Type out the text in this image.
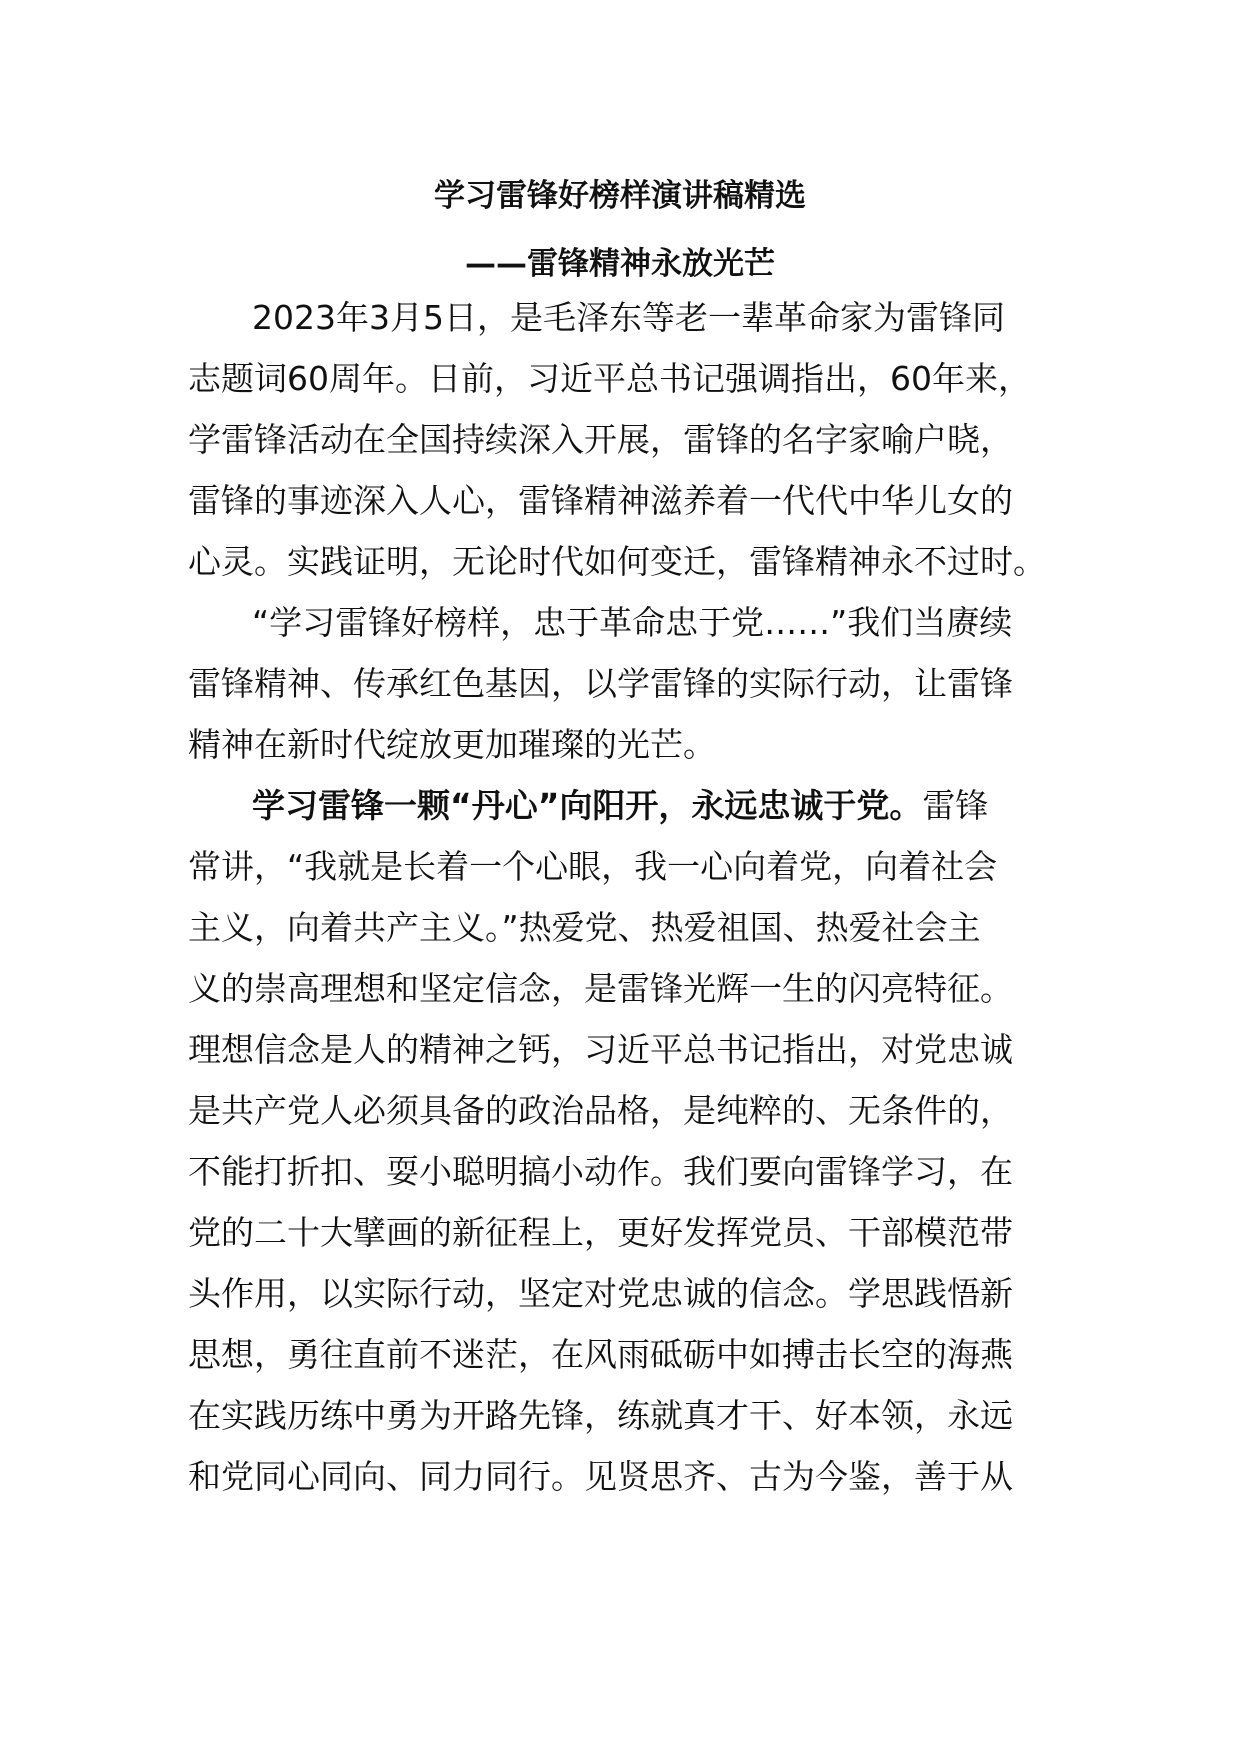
学习雷锋好榜样演讲稿精选
——雷锋精神永放光芒
2023年3月5日，是毛泽东等老一辈革命家为雷锋同
志题词60周年。日前，习近平总书记强调指出，60年来，
学雷锋活动在全国持续深入开展，雷锋的名字家喻户晓，
雷锋的事迹深入人心，雷锋精神滋养着一代代中华儿女的
心灵。实践证明，无论时代如何变迁，雷锋精神永不过时。
“学习雷锋好榜样，忠于革命忠于党……”我们当赓续
雷锋精神、传承红色基因，以学雷锋的实际行动，让雷锋
精神在新时代绽放更加璀璨的光芒。
学习雷锋一颗“丹心”向阳开，永远忠诚于党。雷锋
常讲，“我就是长着一个心眼，我一心向着党，向着社会
主义，向着共产主义。”热爱党、热爱祖国、热爱社会主
义的崇高理想和坚定信念，是雷锋光辉一生的闪亮特征。
理想信念是人的精神之钙，习近平总书记指出，对党忠诚
是共产党人必须具备的政治品格，是纯粹的、无条件的，
不能打折扣、耍小聪明搞小动作。我们要向雷锋学习，在
党的二十大擘画的新征程上，更好发挥党员、干部模范带
头作用，以实际行动，坚定对党忠诚的信念。学思践悟新
思想，勇往直前不迷茫，在风雨砥砺中如搏击长空的海燕
在实践历练中勇为开路先锋，练就真才干、好本领，永远
和党同心同向、同力同行。见贤思齐、古为今鉴，善于从
